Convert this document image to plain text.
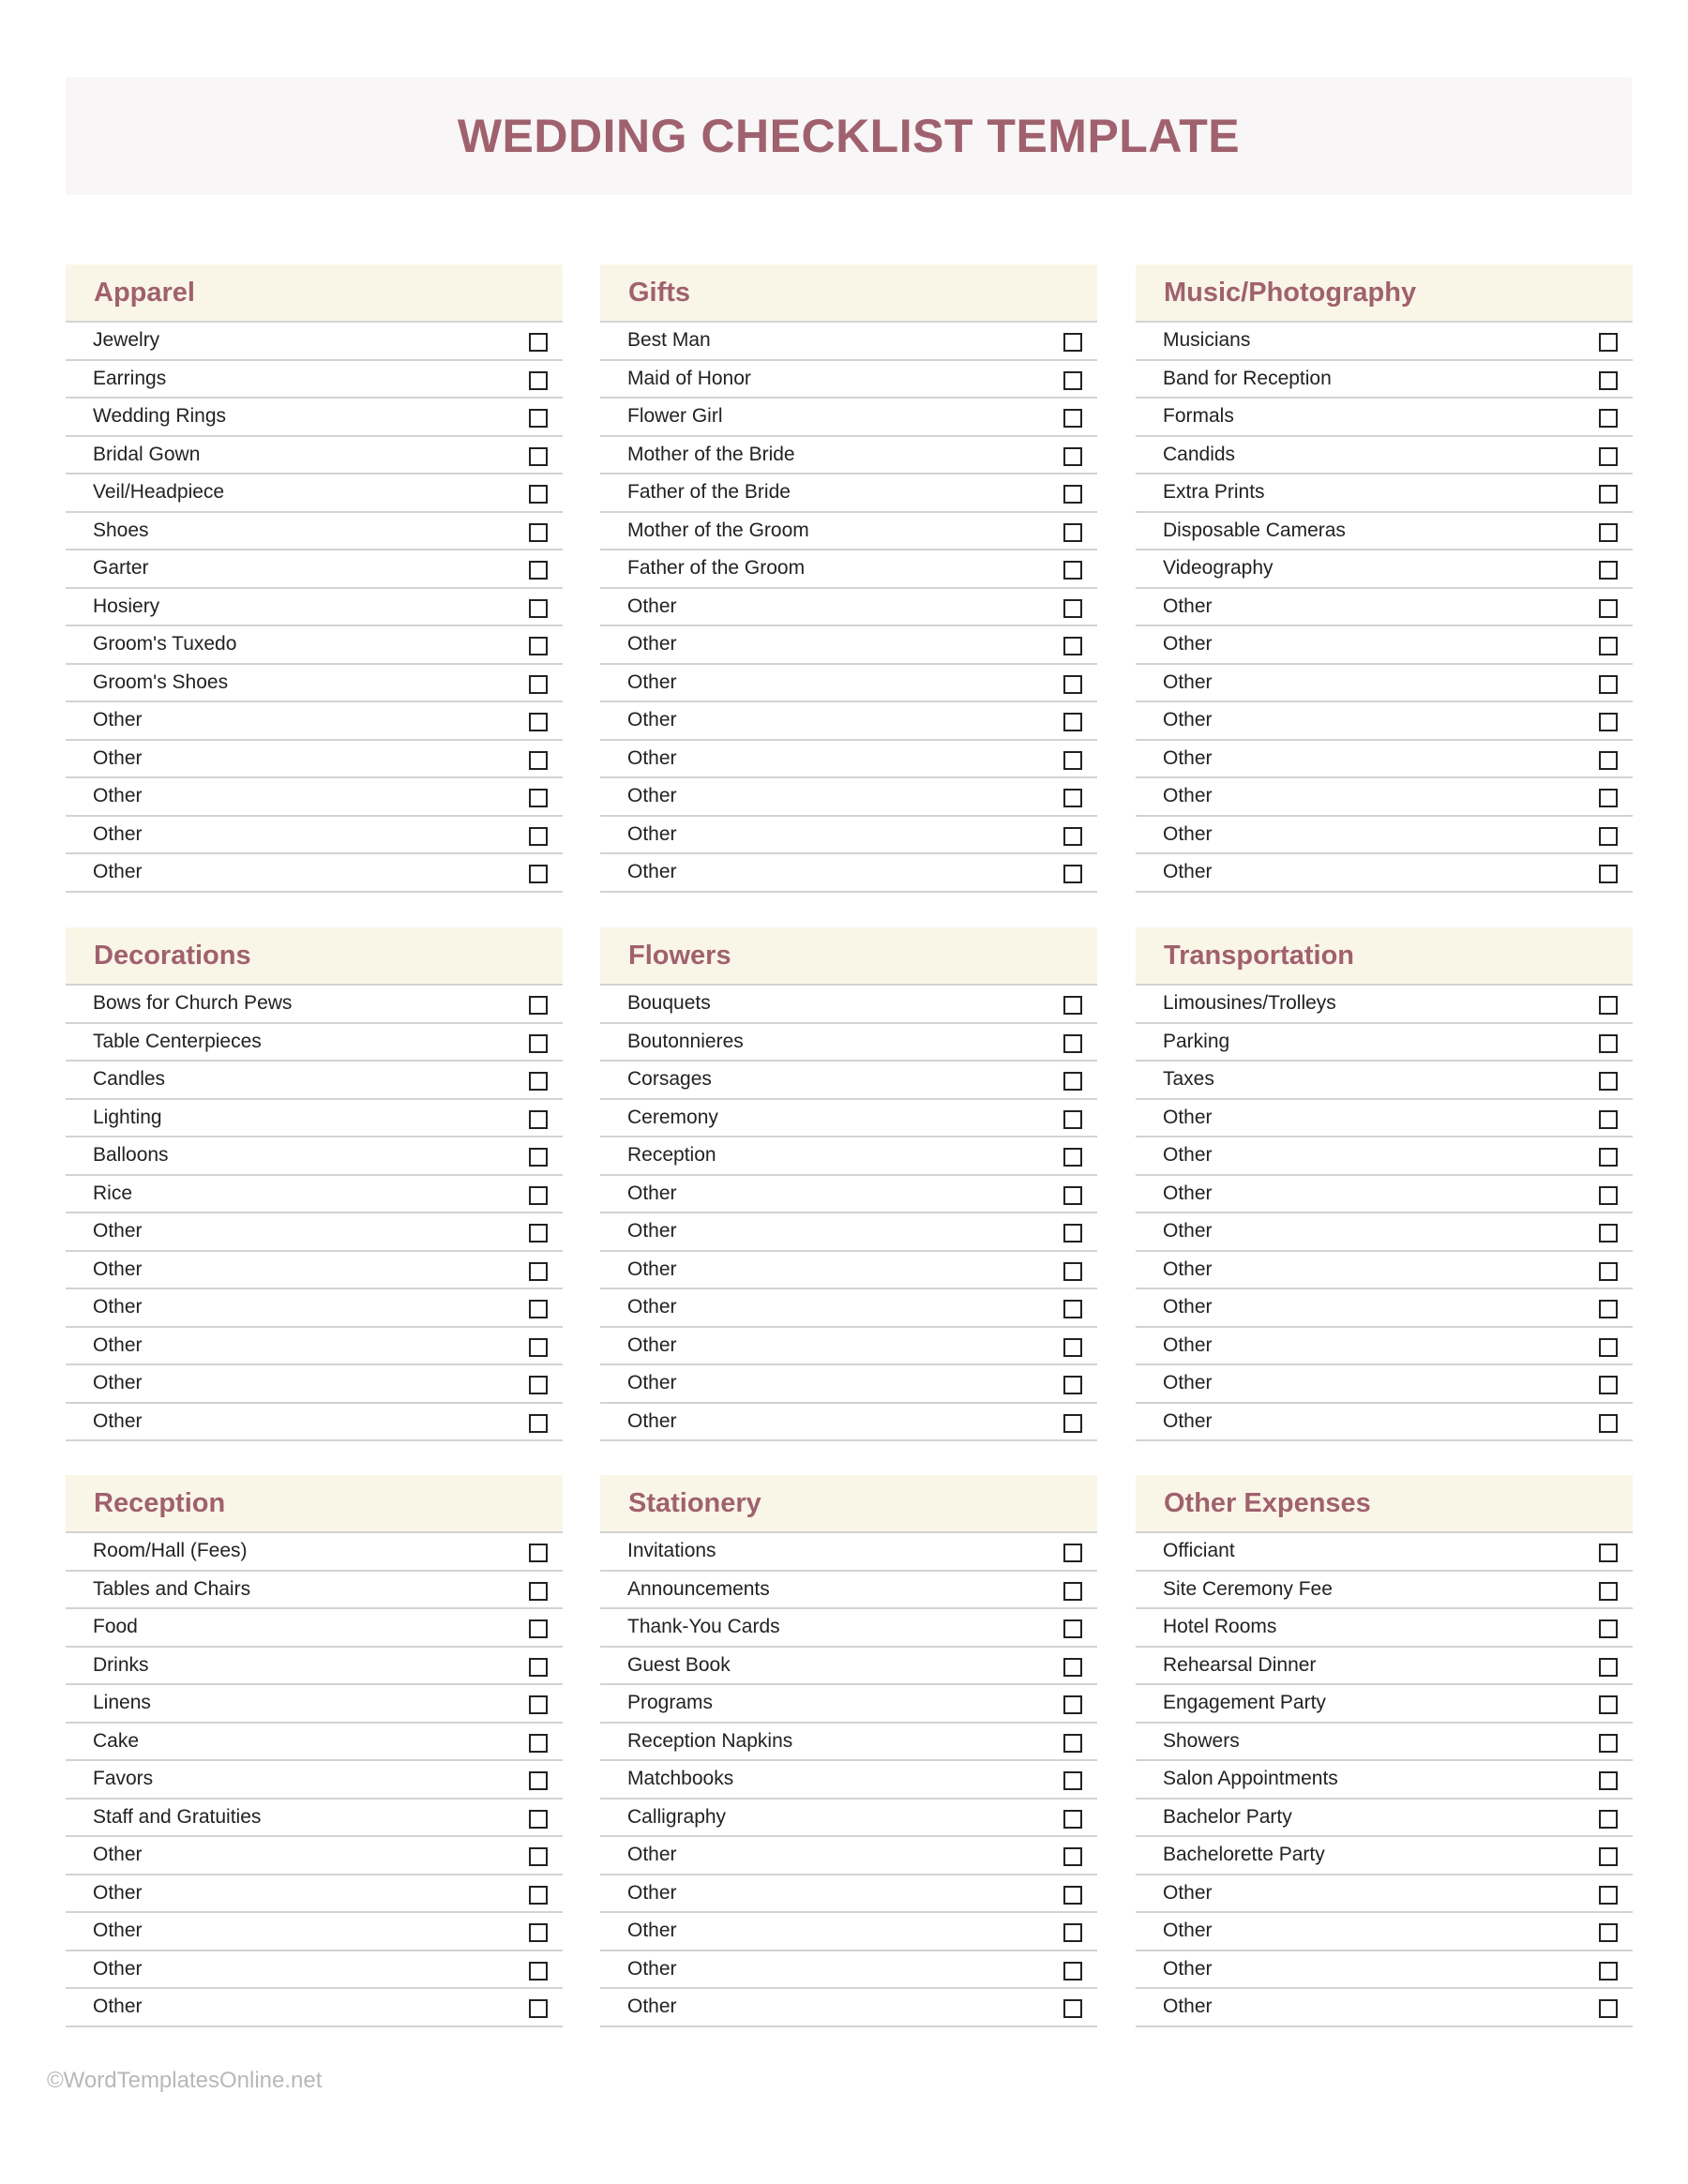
WEDDING CHECKLIST TEMPLATE
Apparel
Jewelry
Earrings
Wedding Rings
Bridal Gown
Veil/Headpiece
Shoes
Garter
Hosiery
Groom's Tuxedo
Groom's Shoes
Other
Other
Other
Other
Other
Gifts
Best Man
Maid of Honor
Flower Girl
Mother of the Bride
Father of the Bride
Mother of the Groom
Father of the Groom
Other
Other
Other
Other
Other
Other
Other
Other
Music/Photography
Musicians
Band for Reception
Formals
Candids
Extra Prints
Disposable Cameras
Videography
Other
Other
Other
Other
Other
Other
Other
Other
Decorations
Bows for Church Pews
Table Centerpieces
Candles
Lighting
Balloons
Rice
Other
Other
Other
Other
Other
Other
Flowers
Bouquets
Boutonnieres
Corsages
Ceremony
Reception
Other
Other
Other
Other
Other
Other
Other
Transportation
Limousines/Trolleys
Parking
Taxes
Other
Other
Other
Other
Other
Other
Other
Other
Other
Reception
Room/Hall (Fees)
Tables and Chairs
Food
Drinks
Linens
Cake
Favors
Staff and Gratuities
Other
Other
Other
Other
Other
Stationery
Invitations
Announcements
Thank-You Cards
Guest Book
Programs
Reception Napkins
Matchbooks
Calligraphy
Other
Other
Other
Other
Other
Other Expenses
Officiant
Site Ceremony Fee
Hotel Rooms
Rehearsal Dinner
Engagement Party
Showers
Salon Appointments
Bachelor Party
Bachelorette Party
Other
Other
Other
Other
©WordTemplatesOnline.net
